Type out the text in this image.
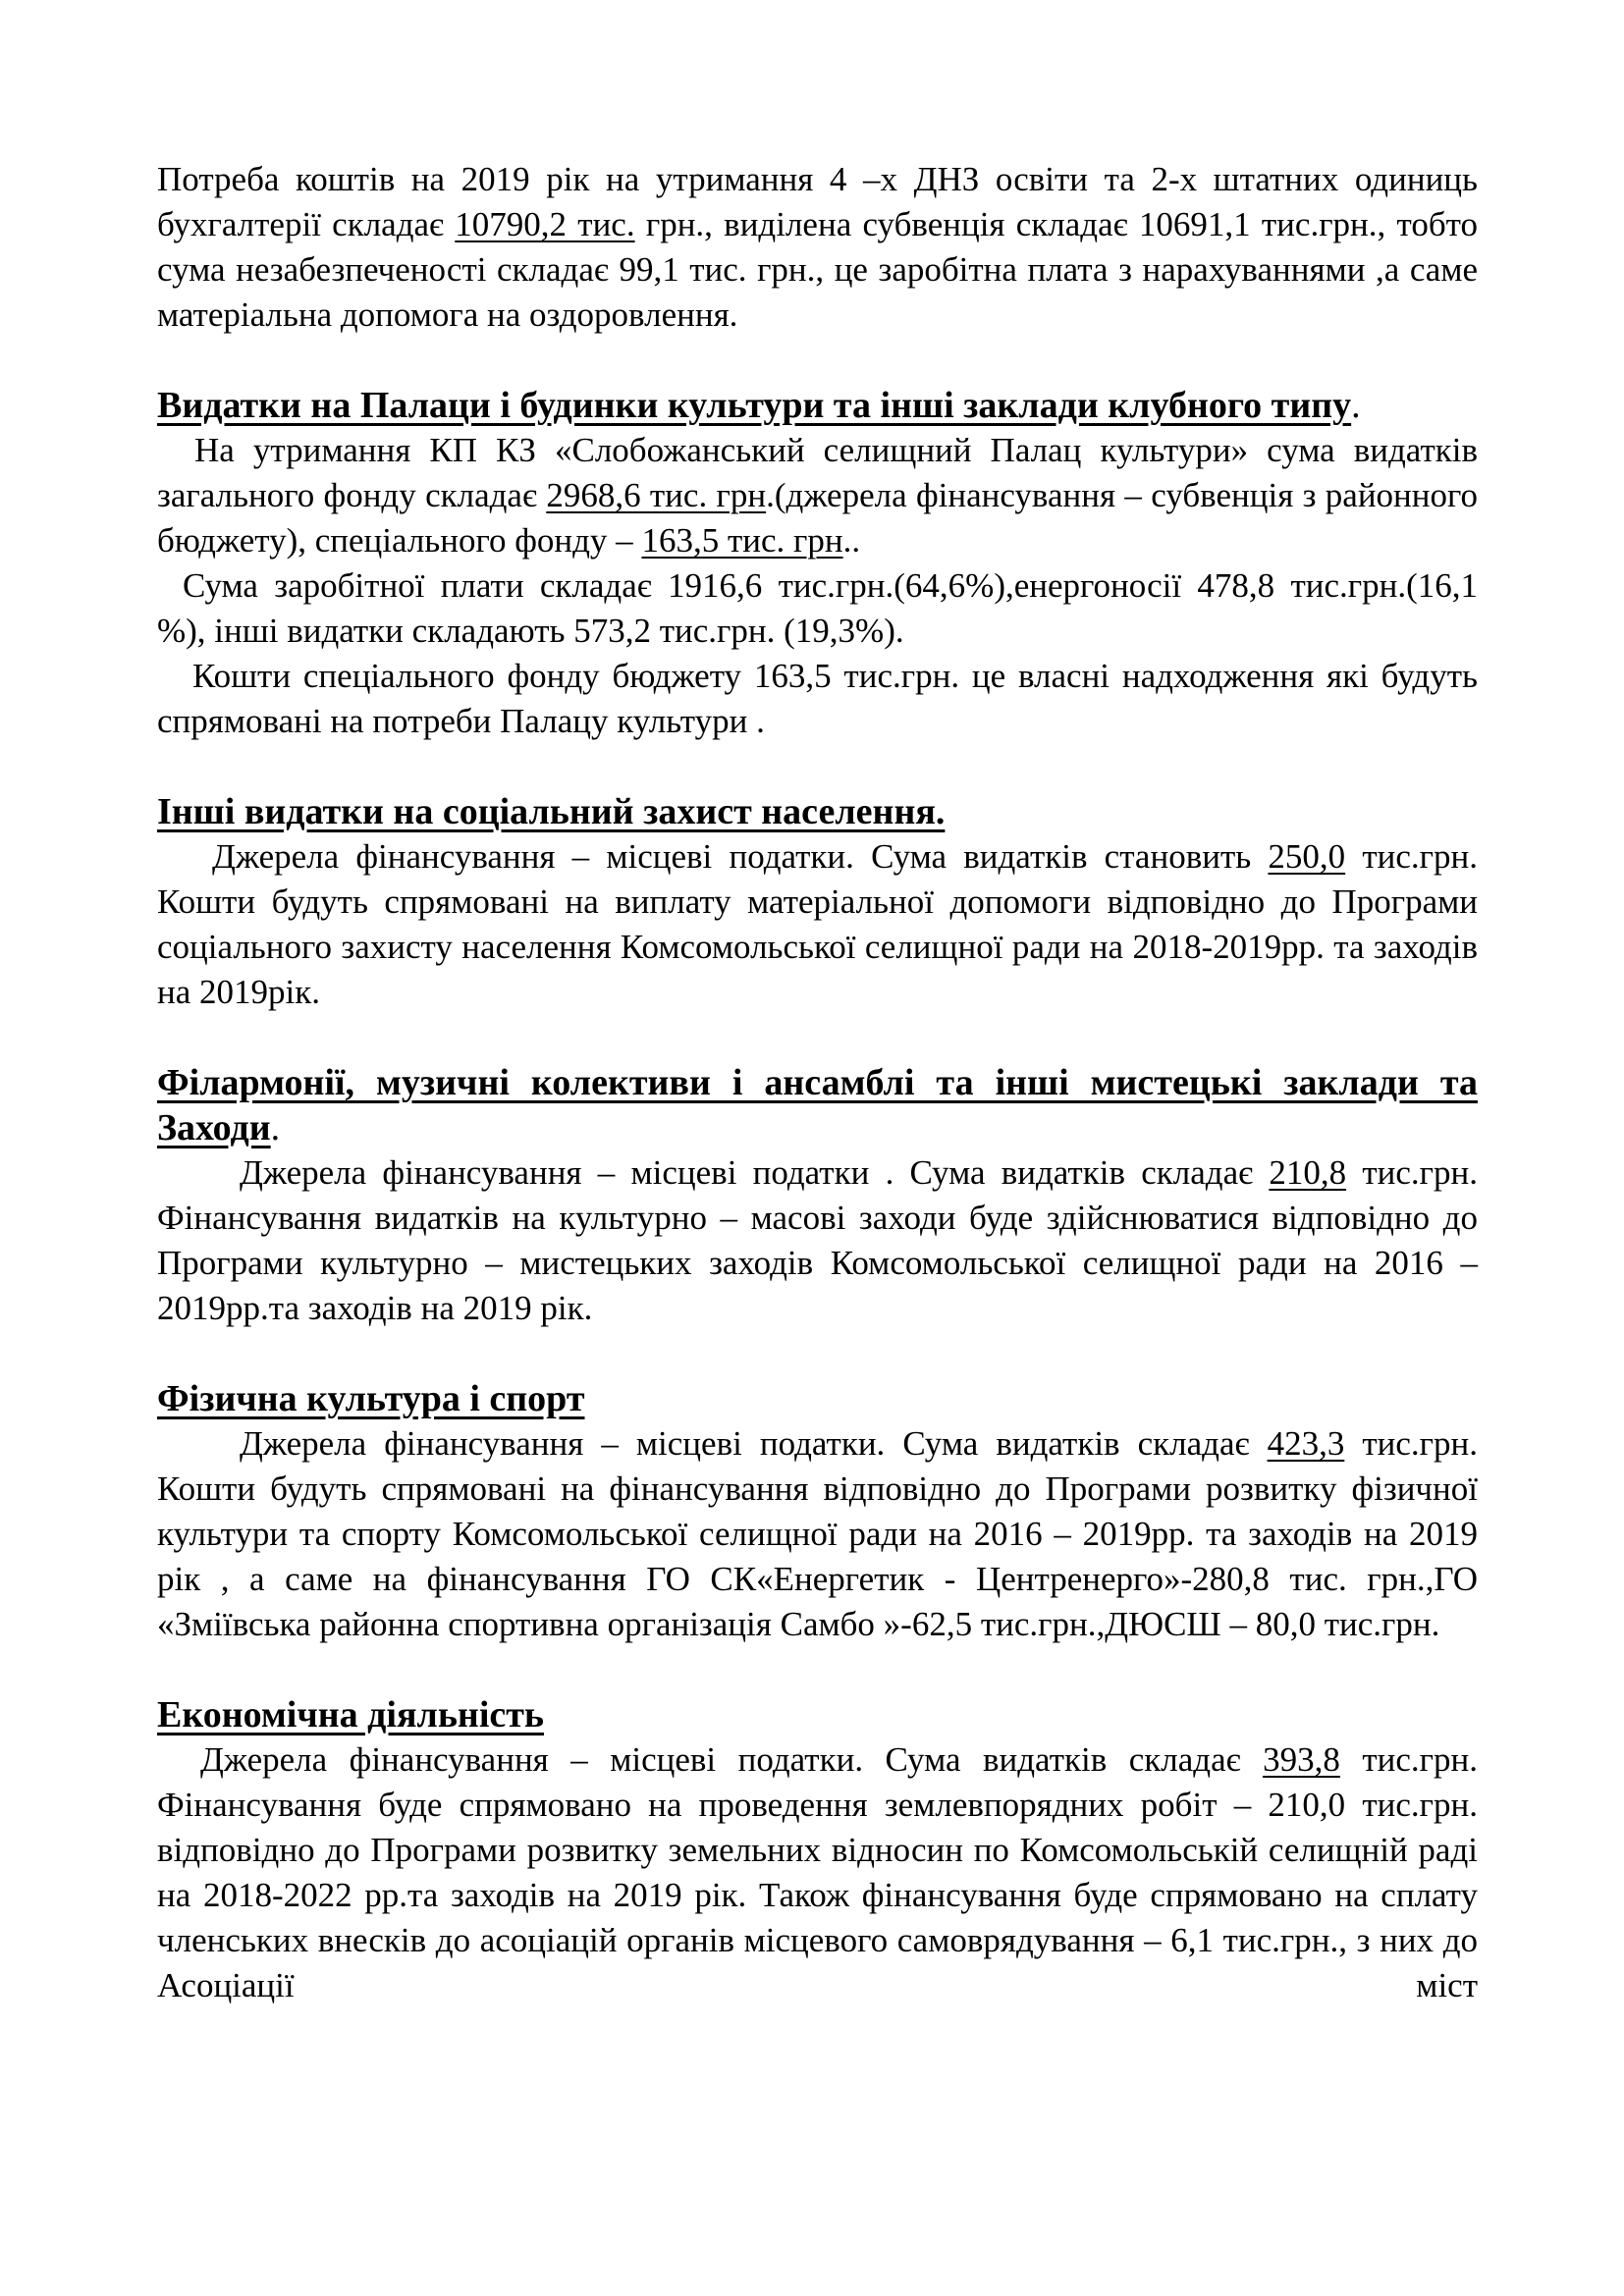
Потреба коштів на 2019 рік на утримання 4 –х ДНЗ освіти та 2-х штатних одиниць бухгалтерії складає 10790,2 тис. грн., виділена субвенція складає 10691,1 тис.грн., тобто сума незабезпеченості складає 99,1 тис. грн., це заробітна плата з нарахуваннями ,а саме матеріальна допомога на оздоровлення.

Видатки на Палаци і будинки культури та інші заклади клубного типу.

На утримання КП КЗ «Слобожанський селищний Палац культури» сума видатків загального фонду складає 2968,6 тис. грн.(джерела фінансування – субвенція з районного бюджету), спеціального фонду – 163,5 тис. грн..

Сума заробітної плати складає 1916,6 тис.грн.(64,6%),енергоносії 478,8 тис.грн.(16,1 %), інші видатки складають 573,2 тис.грн. (19,3%).

Кошти спеціального фонду бюджету 163,5 тис.грн. це власні надходження які будуть спрямовані на потреби Палацу культури .

Інші видатки на соціальний захист населення.

Джерела фінансування – місцеві податки. Сума видатків становить 250,0 тис.грн. Кошти будуть спрямовані на виплату матеріальної допомоги відповідно до Програми соціального захисту населення Комсомольської селищної ради на 2018-2019рр. та заходів на 2019рік.

Філармонії, музичні колективи і ансамблі та інші мистецькі заклади та Заходи.

Джерела фінансування – місцеві податки . Сума видатків складає 210,8 тис.грн. Фінансування видатків на культурно – масові заходи буде здійснюватися відповідно до Програми культурно – мистецьких заходів Комсомольської селищної ради на 2016 – 2019рр.та заходів на 2019 рік.

Фізична культура і спорт

Джерела фінансування – місцеві податки. Сума видатків складає 423,3 тис.грн. Кошти будуть спрямовані на фінансування відповідно до Програми розвитку фізичної культури та спорту Комсомольської селищної ради на 2016 – 2019рр. та заходів на 2019 рік , а саме на фінансування ГО СК«Енергетик - Центренерго»-280,8 тис. грн.,ГО «Зміївська районна спортивна організація Самбо »-62,5 тис.грн.,ДЮСШ – 80,0 тис.грн.

Економічна діяльність

Джерела фінансування – місцеві податки. Сума видатків складає 393,8 тис.грн. Фінансування буде спрямовано на проведення землевпорядних робіт – 210,0 тис.грн. відповідно до Програми розвитку земельних відносин по Комсомольській селищній раді на 2018-2022 рр.та заходів на 2019 рік. Також фінансування буде спрямовано на сплату членських внесків до асоціацій органів місцевого самоврядування – 6,1 тис.грн., з них до Асоціації міст
